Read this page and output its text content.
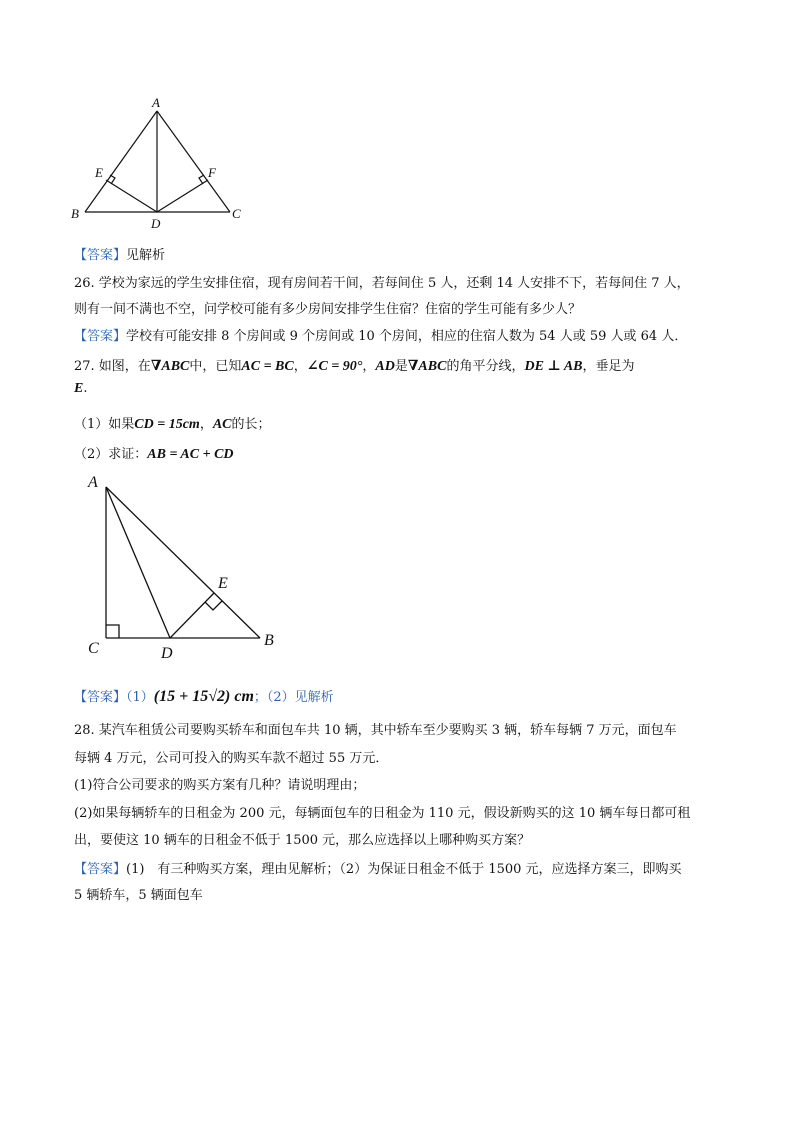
A
E	F
B
D
C
【答案】见解析
26. 学校为家远的学生安排住宿，现有房间若干间，若每间住 5 人，还剩 14 人安排不下，若每间住 7 人，
则有一间不满也不空，问学校可能有多少房间安排学生住宿？住宿的学生可能有多少人？
【答案】学校有可能安排 8 个房间或 9 个房间或 10 个房间，相应的住宿人数为 54 人或 59 人或 64 人．
27. 如图，在∇ABC中，已知AC = BC，∠C = 90°，AD是∇ABC的角平分线，DE ⊥ AB，垂足为
E.
（1）如果CD = 15cm，AC的长；
（2）求证：AB = AC + CD
A
E
C	D
B
【答案】（1）(15 + 15√2) cm；（2）见解析
28. 某汽车租赁公司要购买轿车和面包车共 10 辆，其中轿车至少要购买 3 辆，轿车每辆 7 万元，面包车
每辆 4 万元，公司可投入的购买车款不超过 55 万元．
(1)符合公司要求的购买方案有几种？请说明理由；
(2)如果每辆轿车的日租金为 200 元，每辆面包车的日租金为 110 元，假设新购买的这 10 辆车每日都可租
出，要使这 10 辆车的日租金不低于 1500 元，那么应选择以上哪种购买方案？
【答案】(1)　有三种购买方案，理由见解析；（2）为保证日租金不低于 1500 元，应选择方案三，即购买
5 辆轿车，5 辆面包车
